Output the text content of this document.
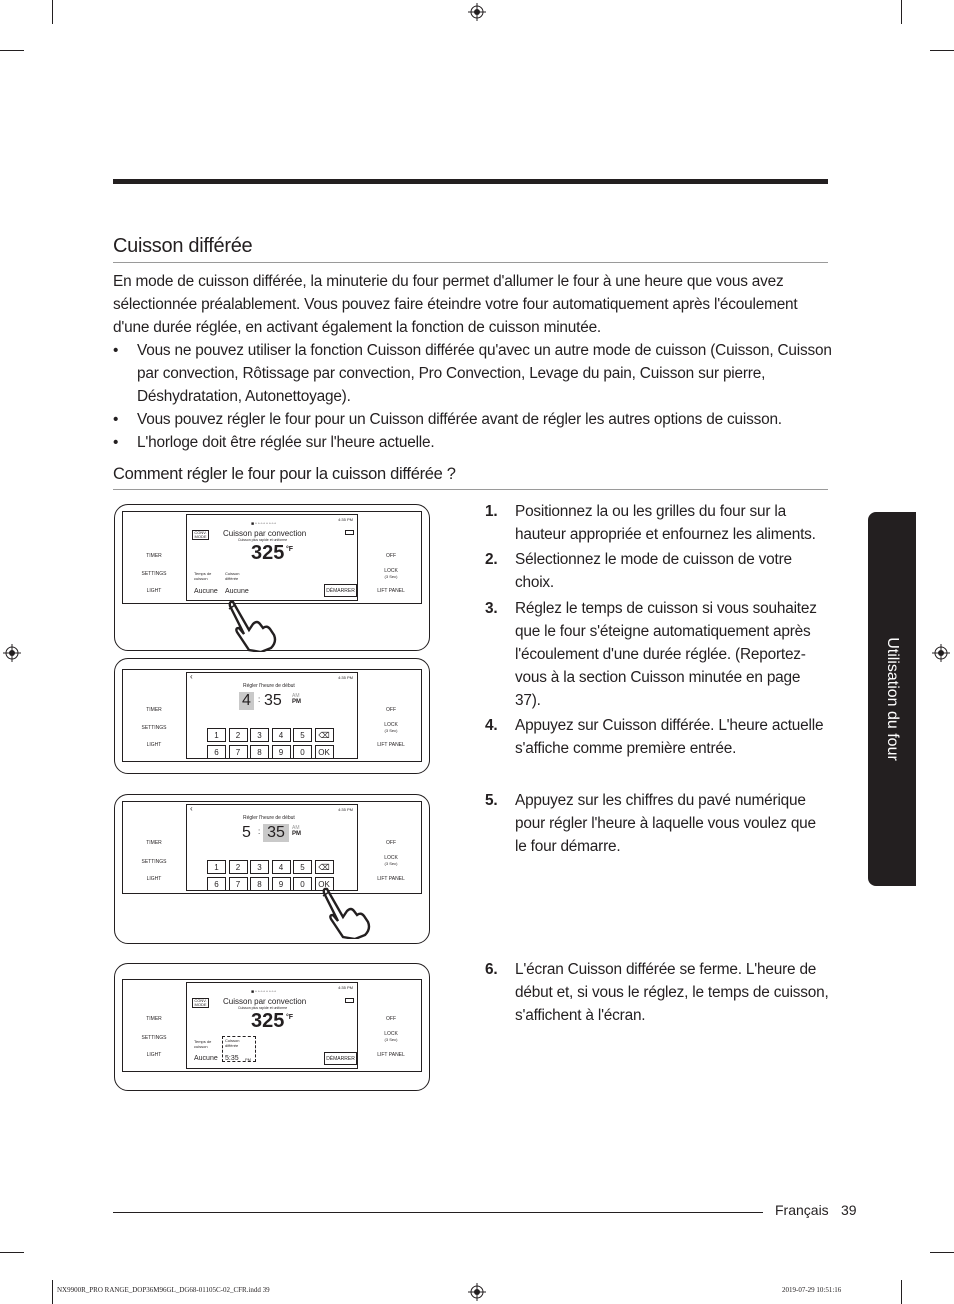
Cuisson différée

En mode de cuisson différée, la minuterie du four permet d'allumer le four à une heure que vous avez sélectionnée préalablement. Vous pouvez faire éteindre votre four automatiquement après l'écoulement d'une durée réglée, en activant également la fonction de cuisson minutée.

• Vous ne pouvez utiliser la fonction Cuisson différée qu'avec un autre mode de cuisson (Cuisson, Cuisson par convection, Rôtissage par convection, Pro Convection, Levage du pain, Cuisson sur pierre, Déshydratation, Autonettoyage).
• Vous pouvez régler le four pour un Cuisson différée avant de régler les autres options de cuisson.
• L'horloge doit être réglée sur l'heure actuelle.
Comment régler le four pour la cuisson différée ?
1. Positionnez la ou les grilles du four sur la hauteur appropriée et enfournez les aliments.
2. Sélectionnez le mode de cuisson de votre choix.
3. Réglez le temps de cuisson si vous souhaitez que le four s'éteigne automatiquement après l'écoulement d'une durée réglée. (Reportez-vous à la section Cuisson minutée en page 37).
4. Appuyez sur Cuisson différée. L'heure actuelle s'affiche comme première entrée.
5. Appuyez sur les chiffres du pavé numérique pour régler l'heure à laquelle vous voulez que le four démarre.
6. L'écran Cuisson différée se ferme. L'heure de début et, si vous le réglez, le temps de cuisson, s'affichent à l'écran.
Utilisation du four
TIMER
SETTINGS
LIGHT
OFF
LOCK
(3 Sec)
LIFT PANEL
4:35 PM
■▫▫▫▫▫▫▫▫
CONV. MODE	Cuisson par convection
Cuisson plus rapide et uniforme
325 °F
Temps de cuisson
Cuisson différée
Aucune Aucune	DÉMARRER
TIMER
SETTINGS
LIGHT
OFF
LOCK
(3 Sec)
LIFT PANEL
‹	4:35 PM
Régler l'heure de début
4 : 35 AM
PM
1	2	3	4	5	⌫
6	7	8	9	0	OK
TIMER
SETTINGS
LIGHT
OFF
LOCK
(3 Sec)
LIFT PANEL
‹	4:35 PM
Régler l'heure de début
5 : 35	AM
PM
1	2	3	4	5	⌫
6	7	8	9	0	OK
TIMER
SETTINGS
LIGHT
OFF
LOCK
(3 Sec)
LIFT PANEL
4:35 PM
■▫▫▫▫▫▫▫▫
CONV. MODE	Cuisson par convection
Cuisson plus rapide et uniforme
325 °F
Temps de cuisson
Cuisson différée
Aucune 5:35 PM	DÉMARRER
Français 39
NX9900R_PRO RANGE_DOP36M96GL_DG68-01105C-02_CFR.indd 39	2019-07-29 10:51:16
